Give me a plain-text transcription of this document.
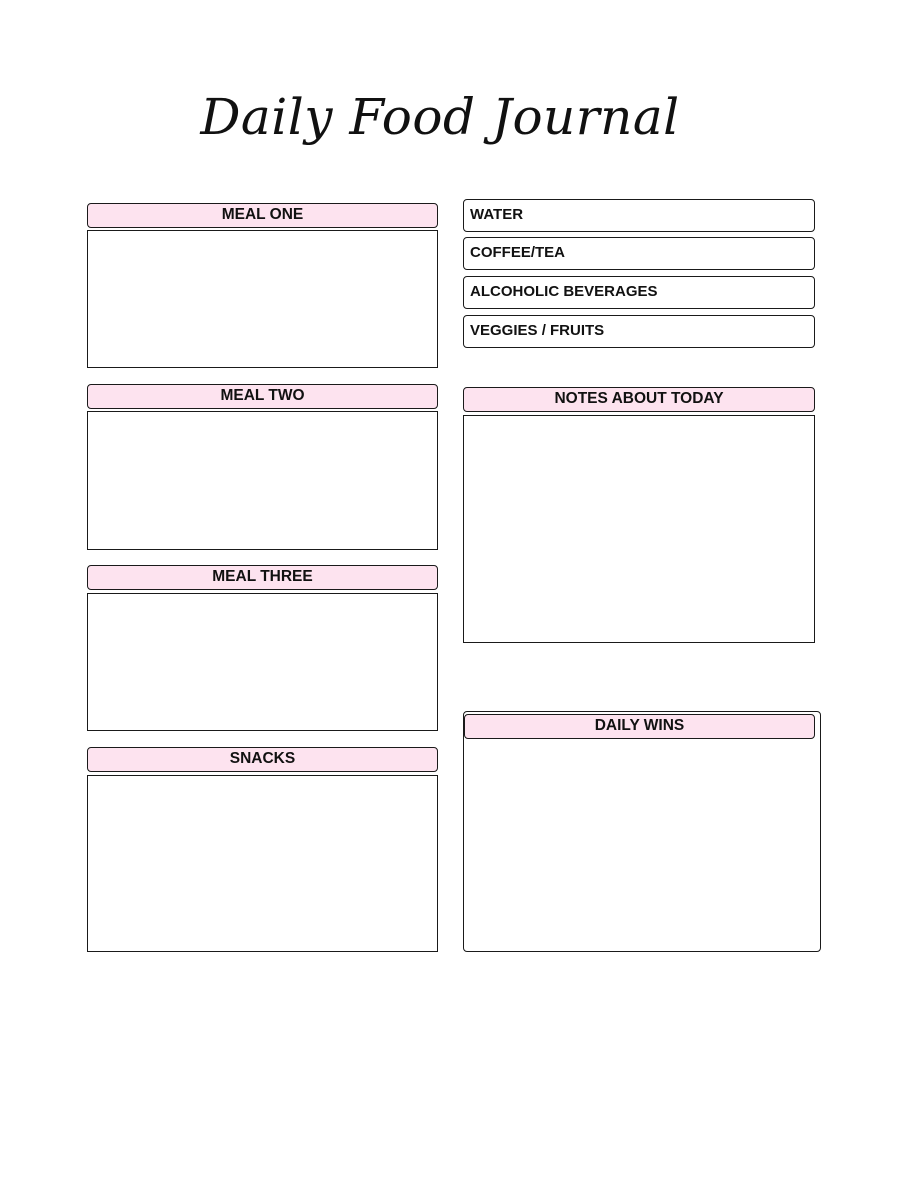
Daily Food Journal
MEAL ONE
MEAL TWO
MEAL THREE
SNACKS
WATER
COFFEE/TEA
ALCOHOLIC BEVERAGES
VEGGIES / FRUITS
NOTES ABOUT TODAY
DAILY WINS
